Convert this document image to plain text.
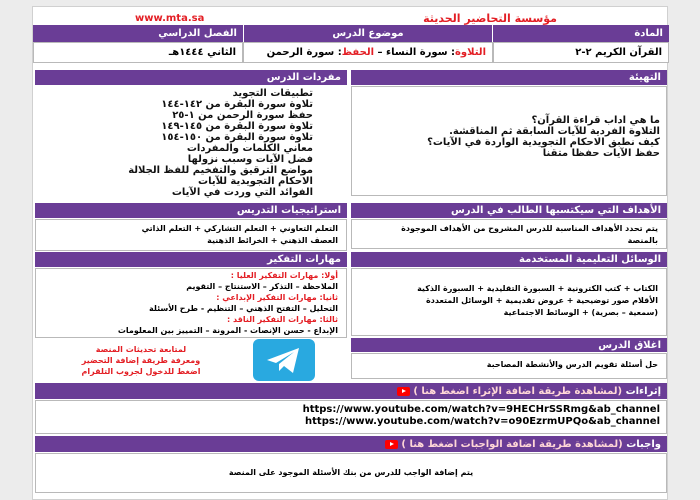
www.mta.sa	مؤسسة التحاضير الحديثة
المادة
موضوع الدرس
الفصل الدراسي
القرآن الكريم ٢-٢
التلاوة: سورة النساء – الحفظ: سورة الرحمن
الثاني ١٤٤٤هـ
مفردات الدرس
تطبيقات التجويد
تلاوة سورة البقرة من ١٤٢-١٤٤
حفظ سورة الرحمن من ١-٢٥
تلاوة سورة البقرة من ١٤٥-١٤٩
تلاوة سورة البقرة من ١٥٠-١٥٤
معاني الكلمات والمفردات
فضل الآيات وسبب نزولها
مواضع الترقيق والتفخيم للفظ الجلالة
الاحكام التجويدية للآيات
الفوائد التي وردت في الآيات
التهيئة
ما هي اداب قراءة القرآن؟
التلاوة الفردية للآيات السابقة ثم المناقشة.
كيف نطبق الاحكام التجويدية الواردة في الآيات؟
حفظ الآيات حفظا متقنا
استراتيجيات التدريس
التعلم التعاوني + التعلم التشاركي + التعلم الذاتي
العصف الذهني + الخرائط الذهنية
الأهداف التي سيكتسبها الطالب في الدرس
يتم تحدد الأهداف المناسبة للدرس المشروح من الأهداف الموجودة
بالمنصة
مهارات التفكير
أولا: مهارات التفكير العليا :
الملاحظة – التذكر – الاستنتاج – التقويم
ثانيا: مهارات التفكير الإبداعي :
التحليل – التفتح الذهني – التنظيم - طرح الأسئلة
ثالثا: مهارات التفكير الناقد :
الإبداع - حسن الإنصات - المرونة – التمييز بين المعلومات
الوسائل التعليمية المستخدمة
الكتاب + كتب الكترونية + السبورة التقليدية + السبورة الذكية
الأقلام صور توضيحية + عروض تقديمية + الوسائل المتعددة
(سمعية – بصرية) + الوسائط الاجتماعية
لمتابعة تحديثات المنصة
ومعرفة طريقة إضافة التحضير
اضغط للدخول لجروب التلقرام
اغلاق الدرس
حل أسئلة تقويم الدرس والأنشطة المصاحبة
إثراءات

(لمشاهدة طريقة اضافة الإثراء اضغط هنا )
https://www.youtube.com/watch?v=9HECHrSSRmg&ab_channel
https://www.youtube.com/watch?v=o90EzrmUPQo&ab_channel
واجبات

(لمشاهدة طريقة اضافة الواجبات اضغط هنا )
يتم إضافة الواجب للدرس من بنك الأسئلة الموجود على المنصة
